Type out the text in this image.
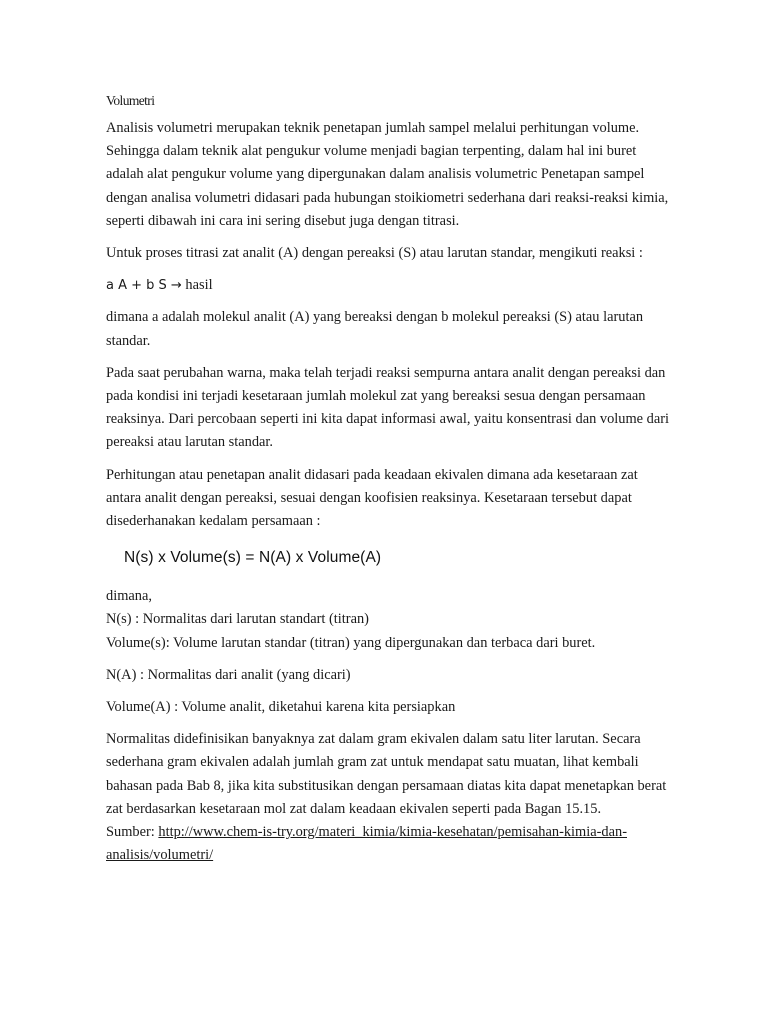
Volumetri

Analisis volumetri merupakan teknik penetapan jumlah sampel melalui perhitungan volume. Sehingga dalam teknik alat pengukur volume menjadi bagian terpenting, dalam hal ini buret adalah alat pengukur volume yang dipergunakan dalam analisis volumetric Penetapan sampel dengan analisa volumetri didasari pada hubungan stoikiometri sederhana dari reaksi-reaksi kimia, seperti dibawah ini cara ini sering disebut juga dengan titrasi.

Untuk proses titrasi zat analit (A) dengan pereaksi (S) atau larutan standar, mengikuti reaksi :

a A + b S → hasil

dimana a adalah molekul analit (A) yang bereaksi dengan b molekul pereaksi (S) atau larutan standar.

Pada saat perubahan warna, maka telah terjadi reaksi sempurna antara analit dengan pereaksi dan pada kondisi ini terjadi kesetaraan jumlah molekul zat yang bereaksi sesua dengan persamaan reaksinya. Dari percobaan seperti ini kita dapat informasi awal, yaitu konsentrasi dan volume dari pereaksi atau larutan standar.

Perhitungan atau penetapan analit didasari pada keadaan ekivalen dimana ada kesetaraan zat antara analit dengan pereaksi, sesuai dengan koofisien reaksinya. Kesetaraan tersebut dapat disederhanakan kedalam persamaan :

N(s) x Volume(s) = N(A) x Volume(A)

dimana,

N(s) : Normalitas dari larutan standart (titran)

Volume(s): Volume larutan standar (titran) yang dipergunakan dan terbaca dari buret.

N(A) : Normalitas dari analit (yang dicari)

Volume(A) : Volume analit, diketahui karena kita persiapkan

Normalitas didefinisikan banyaknya zat dalam gram ekivalen dalam satu liter larutan. Secara sederhana gram ekivalen adalah jumlah gram zat untuk mendapat satu muatan, lihat kembali bahasan pada Bab 8, jika kita substitusikan dengan persamaan diatas kita dapat menetapkan berat zat berdasarkan kesetaraan mol zat dalam keadaan ekivalen seperti pada Bagan 15.15.

Sumber: http://www.chem-is-try.org/materi_kimia/kimia-kesehatan/pemisahan-kimia-dan-analisis/volumetri/
